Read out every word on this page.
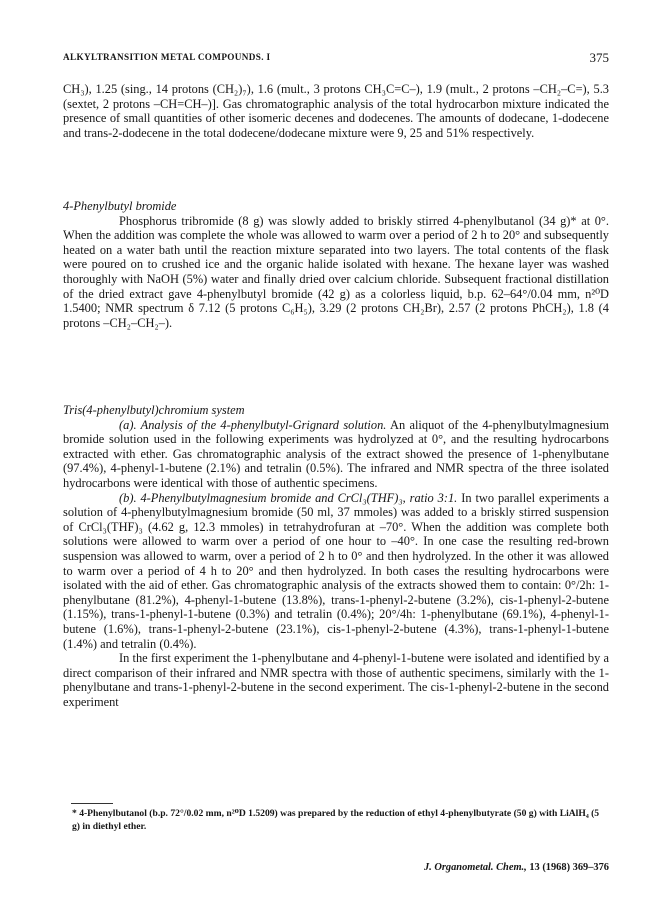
ALKYLTRANSITION METAL COMPOUNDS. I	375

CH₃), 1.25 (sing., 14 protons (CH₂)₇), 1.6 (mult., 3 protons CH₃C=C–), 1.9 (mult., 2 protons –CH₂–C=), 5.3 (sextet, 2 protons –CH=CH–)]. Gas chromatographic analysis of the total hydrocarbon mixture indicated the presence of small quantities of other isomeric decenes and dodecenes. The amounts of dodecane, 1-dodecene and trans-2-dodecene in the total dodecene/dodecane mixture were 9, 25 and 51% respectively.

4-Phenylbutyl bromide

Phosphorus tribromide (8 g) was slowly added to briskly stirred 4-phenylbutanol (34 g)* at 0°. When the addition was complete the whole was allowed to warm over a period of 2 h to 20° and subsequently heated on a water bath until the reaction mixture separated into two layers. The total contents of the flask were poured on to crushed ice and the organic halide isolated with hexane. The hexane layer was washed thoroughly with NaOH (5%) water and finally dried over calcium chloride. Subsequent fractional distillation of the dried extract gave 4-phenylbutyl bromide (42 g) as a colorless liquid, b.p. 62–64°/0.04 mm, n²⁰D 1.5400; NMR spectrum δ 7.12 (5 protons C₆H₅), 3.29 (2 protons CH₂Br), 2.57 (2 protons PhCH₂), 1.8 (4 protons –CH₂–CH₂–).

Tris(4-phenylbutyl)chromium system

(a). Analysis of the 4-phenylbutyl-Grignard solution. An aliquot of the 4-phenylbutylmagnesium bromide solution used in the following experiments was hydrolyzed at 0°, and the resulting hydrocarbons extracted with ether. Gas chromatographic analysis of the extract showed the presence of 1-phenylbutane (97.4%), 4-phenyl-1-butene (2.1%) and tetralin (0.5%). The infrared and NMR spectra of the three isolated hydrocarbons were identical with those of authentic specimens.

(b). 4-Phenylbutylmagnesium bromide and CrCl₃(THF)₃, ratio 3:1. In two parallel experiments a solution of 4-phenylbutylmagnesium bromide (50 ml, 37 mmoles) was added to a briskly stirred suspension of CrCl₃(THF)₃ (4.62 g, 12.3 mmoles) in tetrahydrofuran at –70°. When the addition was complete both solutions were allowed to warm over a period of one hour to –40°. In one case the resulting red-brown suspension was allowed to warm, over a period of 2 h to 0° and then hydrolyzed. In the other it was allowed to warm over a period of 4 h to 20° and then hydrolyzed. In both cases the resulting hydrocarbons were isolated with the aid of ether. Gas chromatographic analysis of the extracts showed them to contain: 0°/2h: 1-phenylbutane (81.2%), 4-phenyl-1-butene (13.8%), trans-1-phenyl-2-butene (3.2%), cis-1-phenyl-2-butene (1.15%), trans-1-phenyl-1-butene (0.3%) and tetralin (0.4%); 20°/4h: 1-phenylbutane (69.1%), 4-phenyl-1-butene (1.6%), trans-1-phenyl-2-butene (23.1%), cis-1-phenyl-2-butene (4.3%), trans-1-phenyl-1-butene (1.4%) and tetralin (0.4%).

In the first experiment the 1-phenylbutane and 4-phenyl-1-butene were isolated and identified by a direct comparison of their infrared and NMR spectra with those of authentic specimens, similarly with the 1-phenylbutane and trans-1-phenyl-2-butene in the second experiment. The cis-1-phenyl-2-butene in the second experiment

* 4-Phenylbutanol (b.p. 72°/0.02 mm, n²⁰D 1.5209) was prepared by the reduction of ethyl 4-phenylbutyrate (50 g) with LiAlH₄ (5 g) in diethyl ether.
J. Organometal. Chem., 13 (1968) 369–376
